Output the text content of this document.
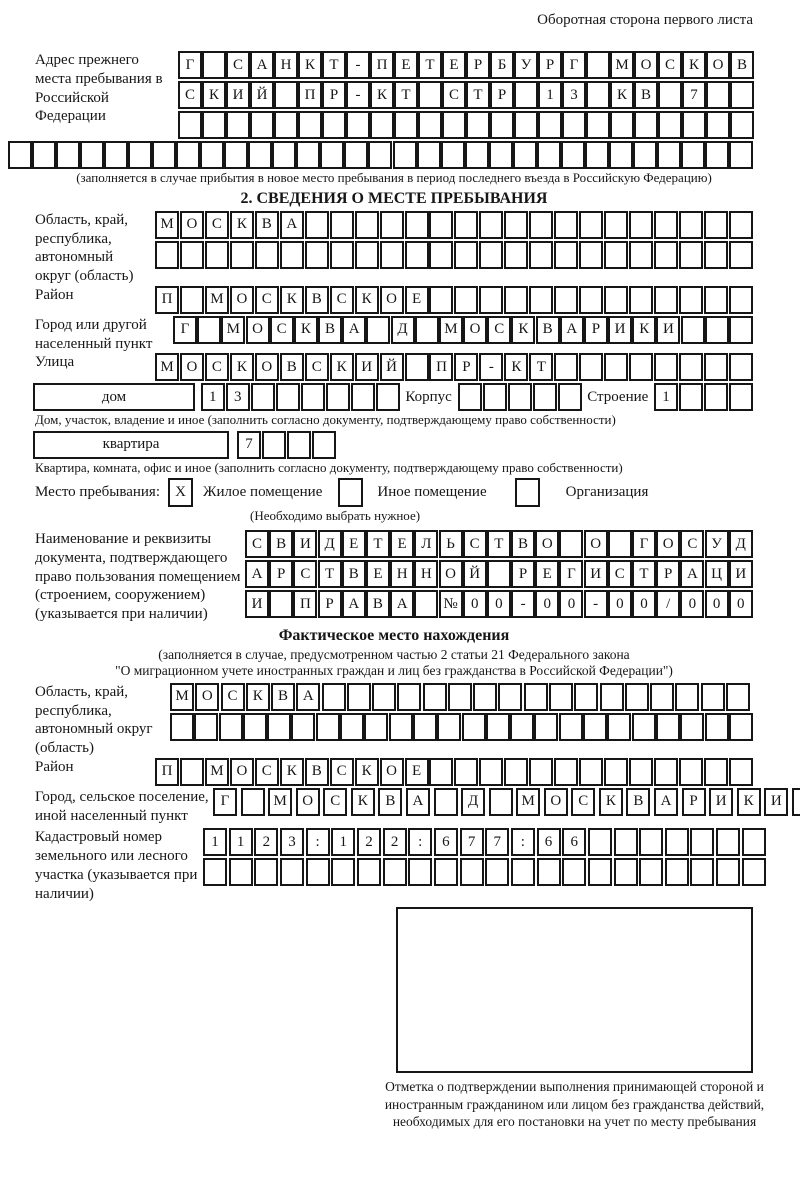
Оборотная сторона первого листа
Адрес прежнего места пребывания в Российской Федерации
Г	С А Н К Т	-	П Е Т Е	Р	Б У Р	Г	М О С К О В
С К И Й	П Р	-	К Т	С Т	Р	1	3	К В	7
(заполняется в случае прибытия в новое место пребывания в период последнего въезда в Российскую Федерацию)
2. СВЕДЕНИЯ О МЕСТЕ ПРЕБЫВАНИЯ
Область, край, республика, автономный округ (область)
М О С К В А
Район	П	М О С К В С К О Е
Город или другой населенный пункт
Г	М О С К В А	Д	М О С К В А Р И К И
Улица	М О С К О В С К И Й	П	Р	-	К	Т
дом	1	3	Корпус	Строение 1
Дом, участок, владение и иное (заполнить согласно документу, подтверждающему право собственности)
квартира	7
Квартира, комната, офис и иное (заполнить согласно документу, подтверждающему право собственности)
Место пребывания:	X	Жилое помещение	Иное помещение	Организация
(Необходимо выбрать нужное)
Наименование и реквизиты документа, подтверждающего право пользования помещением (строением, сооружением) (указывается при наличии)
С В И Д Е	Т	Е Л Ь С Т В О	О	Г О С У Д
А Р	С Т В Е Н Н О Й	Р	Е	Г И С Т	Р А Ц И
И	П Р А В А	№ 0	0	-	0	0	-	0	0	/	0	0	0
Фактическое место нахождения
(заполняется в случае, предусмотренном частью 2 статьи 21 Федерального закона
"О миграционном учете иностранных граждан и лиц без гражданства в Российской Федерации")
Область, край, республика, автономный округ (область)
М О С	К	В А
Район	П	М О С К В С К О Е
Город, сельское поселение, иной населенный пункт
Г	М	О	С	К	В	А	Д	М	О	С	К	В	А	Р	И	К	И
Кадастровый номер земельного или лесного участка (указывается при наличии)
1	1	2	3	:	1	2	2	:	6	7	7	:	6	6
Отметка о подтверждении выполнения принимающей стороной и иностранным гражданином или лицом без гражданства действий, необходимых для его постановки на учет по месту пребывания
